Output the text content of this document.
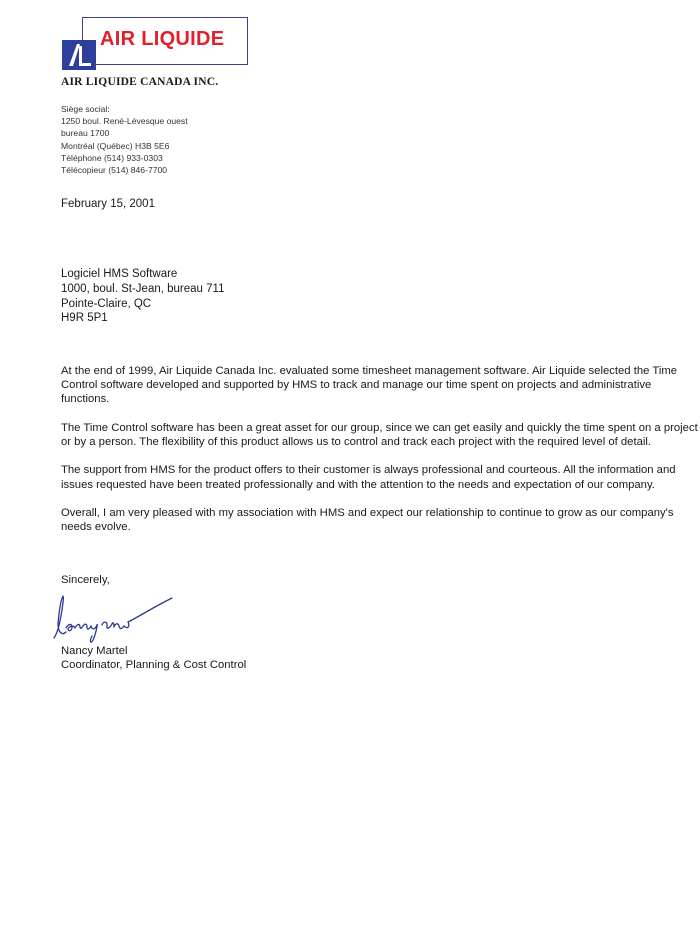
AIR LIQUIDE
AIR LIQUIDE CANADA INC.
Siège social:
1250 boul. René-Lévesque ouest
bureau 1700
Montréal (Québec) H3B 5E6
Téléphone (514) 933-0303
Télécopieur (514) 846-7700
February 15, 2001
Logiciel HMS Software
1000, boul. St-Jean, bureau 711
Pointe-Claire, QC
H9R 5P1

At the end of 1999, Air Liquide Canada Inc. evaluated some timesheet management software. Air Liquide selected the Time Control software developed and supported by HMS to track and manage our time spent on projects and administrative functions.

The Time Control software has been a great asset for our group, since we can get easily and quickly the time spent on a project or by a person. The flexibility of this product allows us to control and track each project with the required level of detail.

The support from HMS for the product offers to their customer is always professional and courteous. All the information and issues requested have been treated professionally and with the attention to the needs and expectation of our company.

Overall, I am very pleased with my association with HMS and expect our relationship to continue to grow as our company's needs evolve.

Sincerely,
Nancy Martel
Coordinator, Planning & Cost Control
